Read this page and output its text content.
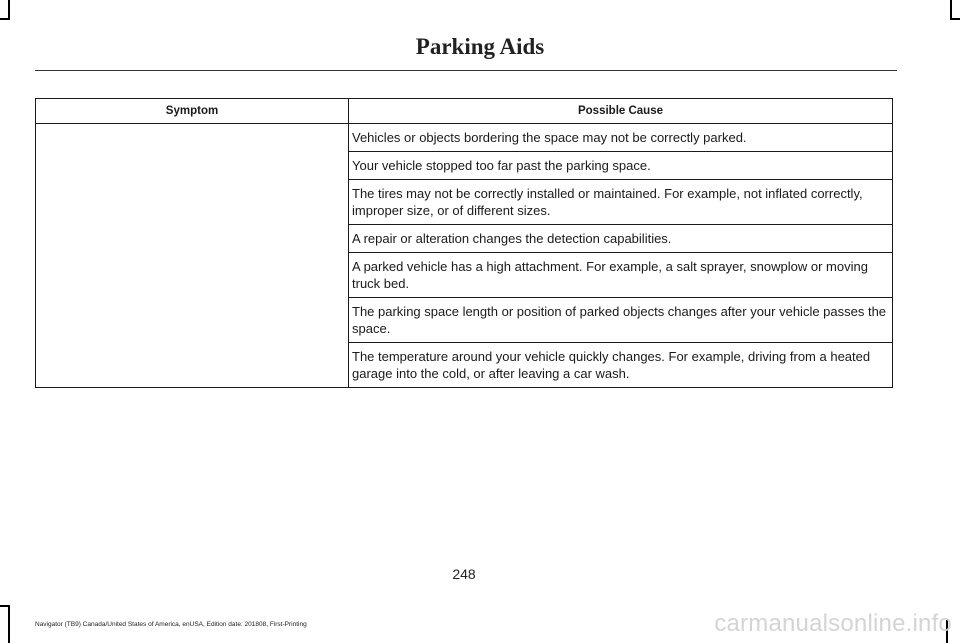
Parking Aids
Symptom	Possible Cause
	Vehicles or objects bordering the space may not be correctly parked.
	Your vehicle stopped too far past the parking space.
	The tires may not be correctly installed or maintained. For example, not inflated correctly, improper size, or of different sizes.
	A repair or alteration changes the detection capabilities.
	A parked vehicle has a high attachment. For example, a salt sprayer, snowplow or moving truck bed.
	The parking space length or position of parked objects changes after your vehicle passes the space.
	The temperature around your vehicle quickly changes. For example, driving from a heated garage into the cold, or after leaving a car wash.
248
Navigator (TB9) Canada/United States of America, enUSA, Edition date: 201808, First-Printing	carmanualsonline.info
